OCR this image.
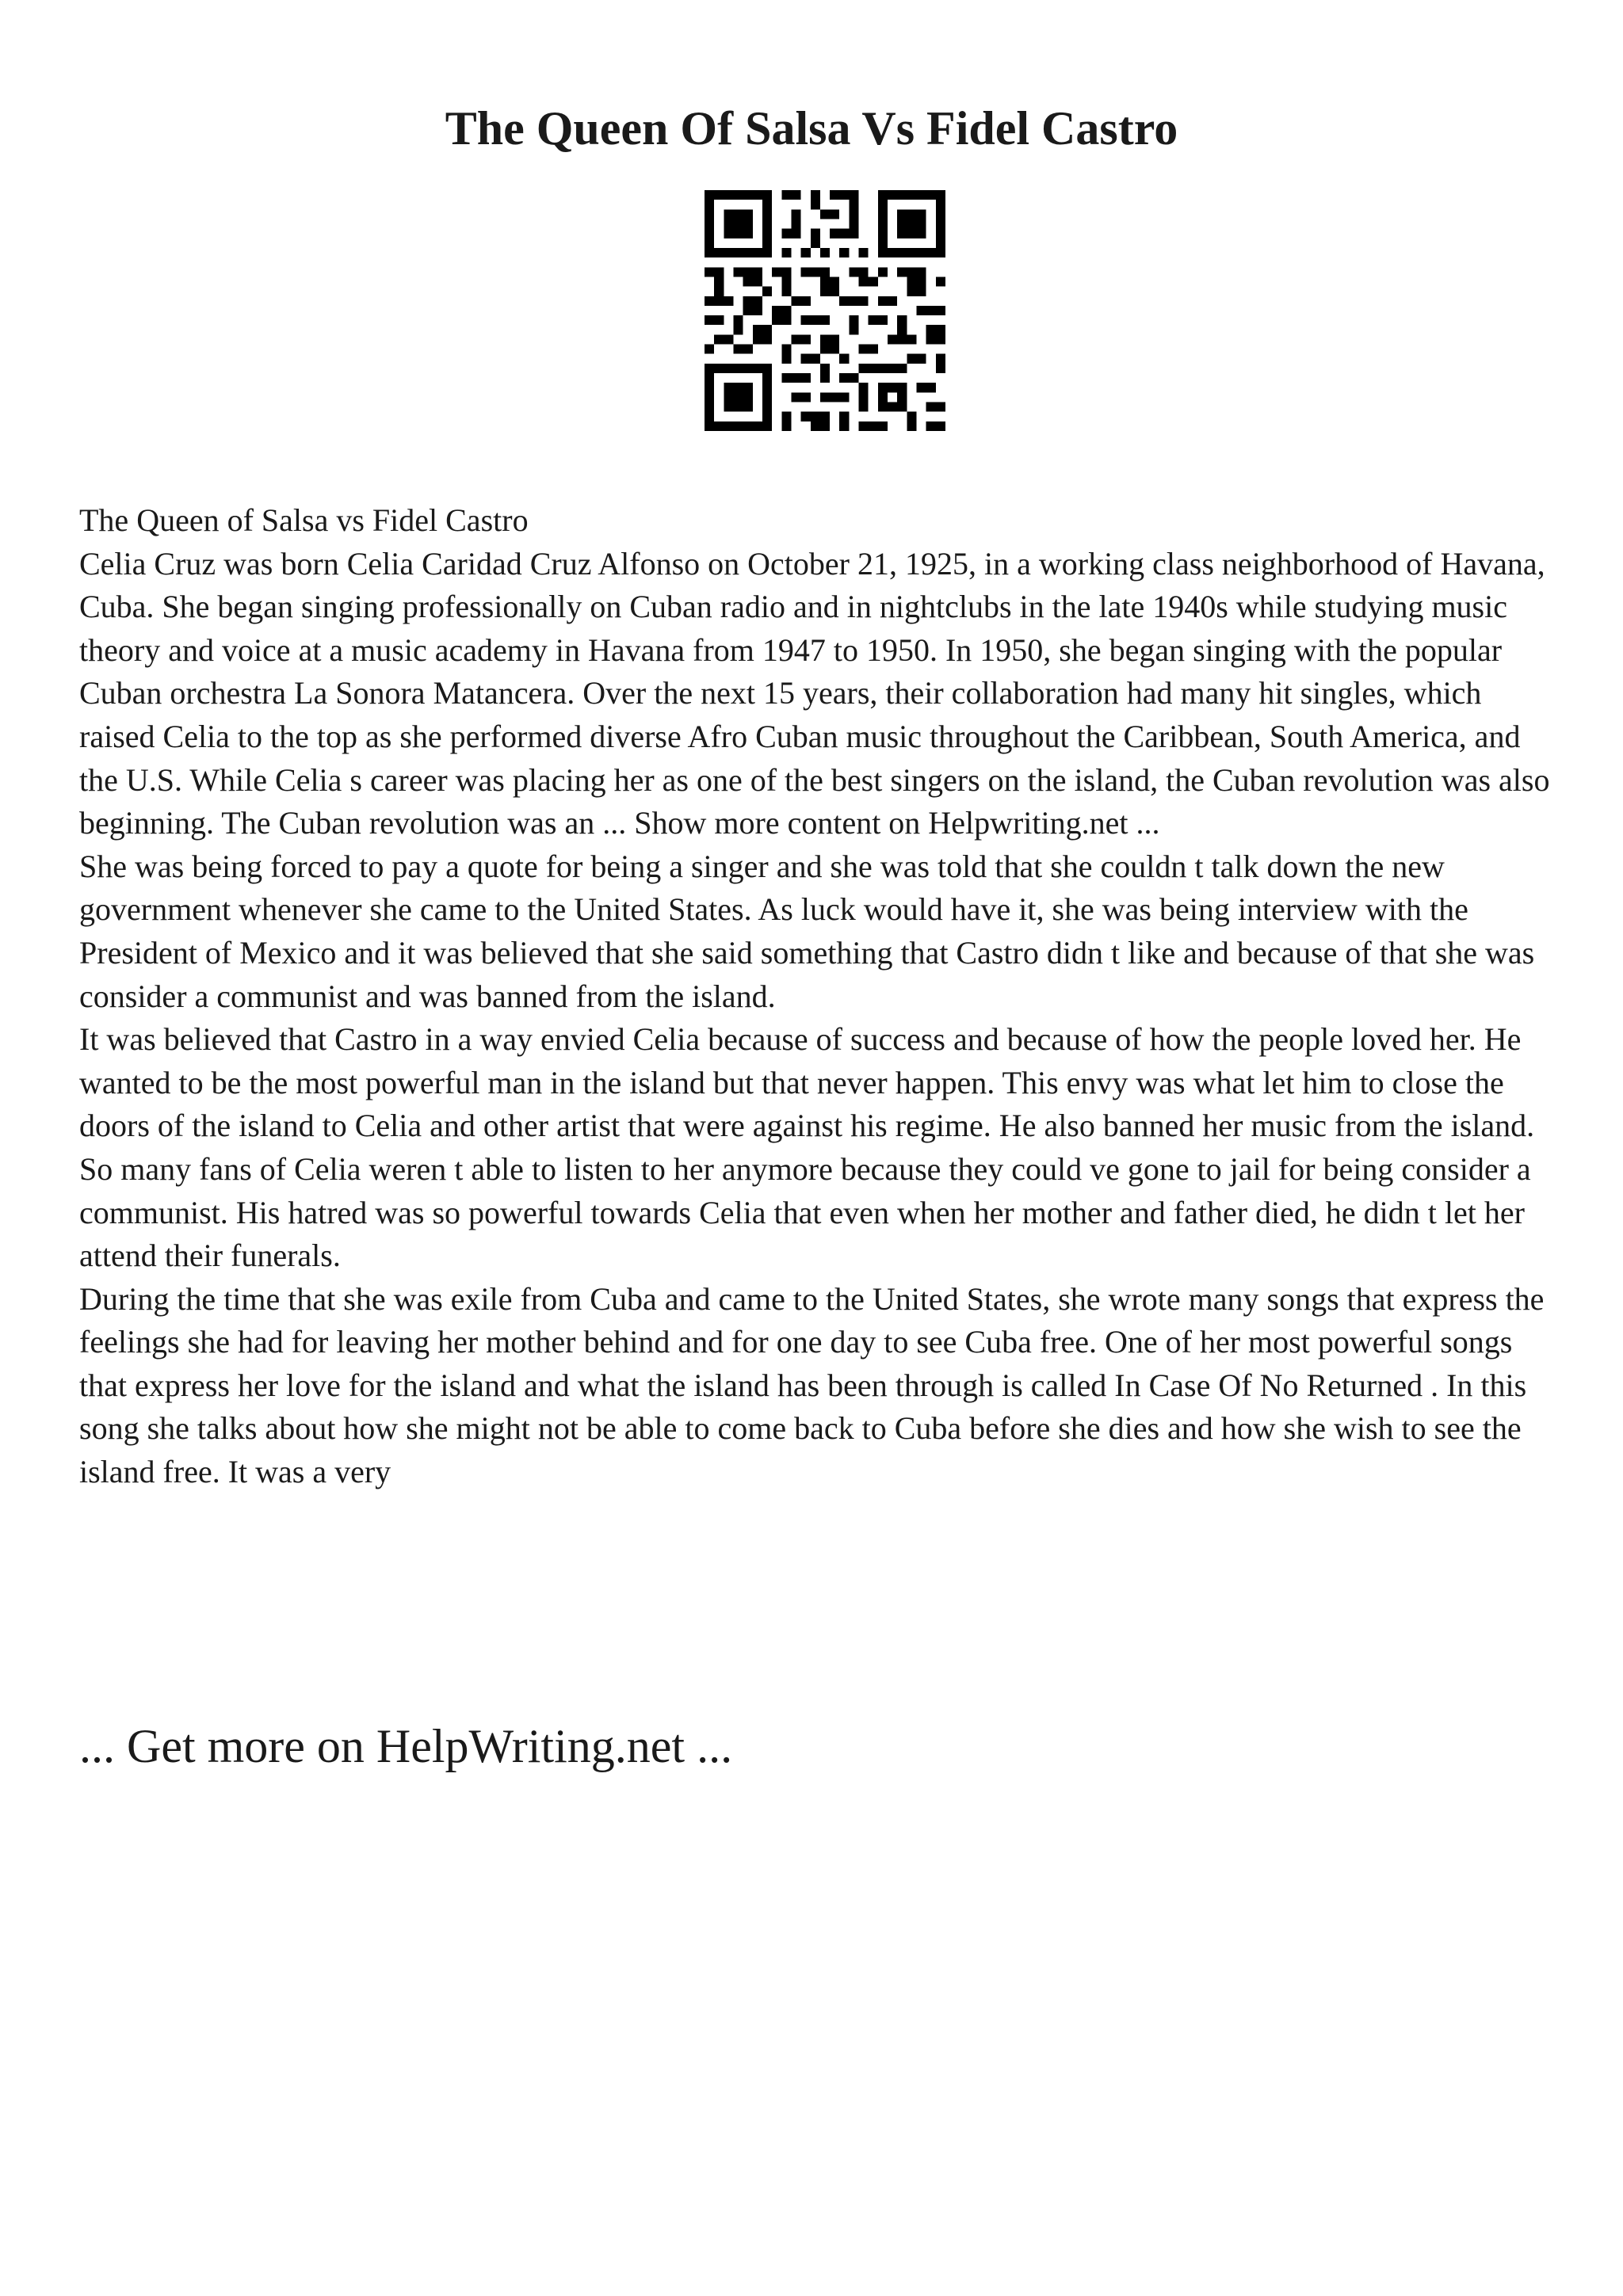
The Queen Of Salsa Vs Fidel Castro

The Queen of Salsa vs Fidel Castro

Celia Cruz was born Celia Caridad Cruz Alfonso on October 21, 1925, in a working class neighborhood of Havana, Cuba. She began singing professionally on Cuban radio and in nightclubs in the late 1940s while studying music theory and voice at a music academy in Havana from 1947 to 1950. In 1950, she began singing with the popular Cuban orchestra La Sonora Matancera. Over the next 15 years, their collaboration had many hit singles, which raised Celia to the top as she performed diverse Afro Cuban music throughout the Caribbean, South America, and the U.S. While Celia s career was placing her as one of the best singers on the island, the Cuban revolution was also beginning. The Cuban revolution was an ... Show more content on Helpwriting.net ...

She was being forced to pay a quote for being a singer and she was told that she couldn t talk down the new government whenever she came to the United States. As luck would have it, she was being interview with the President of Mexico and it was believed that she said something that Castro didn t like and because of that she was consider a communist and was banned from the island.

It was believed that Castro in a way envied Celia because of success and because of how the people loved her. He wanted to be the most powerful man in the island but that never happen. This envy was what let him to close the doors of the island to Celia and other artist that were against his regime. He also banned her music from the island. So many fans of Celia weren t able to listen to her anymore because they could ve gone to jail for being consider a communist. His hatred was so powerful towards Celia that even when her mother and father died, he didn t let her attend their funerals.

During the time that she was exile from Cuba and came to the United States, she wrote many songs that express the feelings she had for leaving her mother behind and for one day to see Cuba free. One of her most powerful songs that express her love for the island and what the island has been through is called In Case Of No Returned . In this song she talks about how she might not be able to come back to Cuba before she dies and how she wish to see the island free. It was a very

... Get more on HelpWriting.net ...
